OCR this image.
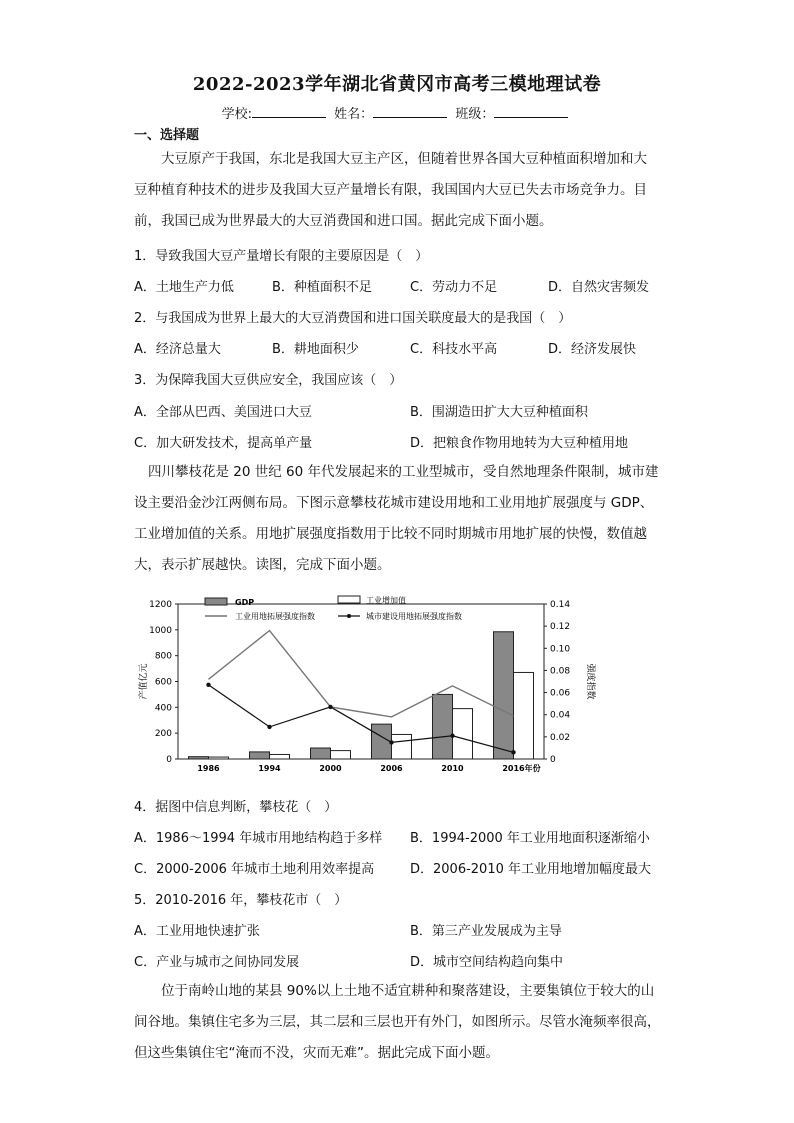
2022-2023学年湖北省黄冈市高考三模地理试卷
学校:	姓名：	班级：
一、选择题
大豆原产于我国，东北是我国大豆主产区，但随着世界各国大豆种植面积增加和大
豆种植育种技术的进步及我国大豆产量增长有限，我国国内大豆已失去市场竞争力。目
前，我国已成为世界最大的大豆消费国和进口国。据此完成下面小题。
1．导致我国大豆产量增长有限的主要原因是（　）
A．土地生产力低	B．种植面积不足	C．劳动力不足	D．自然灾害频发
2．与我国成为世界上最大的大豆消费国和进口国关联度最大的是我国（　）
A．经济总量大	B．耕地面积少	C．科技水平高	D．经济发展快
3．为保障我国大豆供应安全，我国应该（　）
A．全部从巴西、美国进口大豆	B．围湖造田扩大大豆种植面积
C．加大研发技术，提高单产量	D．把粮食作物用地转为大豆种植用地
四川攀枝花是 20 世纪 60 年代发展起来的工业型城市，受自然地理条件限制，城市建
设主要沿金沙江两侧布局。下图示意攀枝花城市建设用地和工业用地扩展强度与 GDP、
工业增加值的关系。用地扩展强度指数用于比较不同时期城市用地扩展的快慢，数值越
大，表示扩展越快。读图，完成下面小题。
0
200
400
600
800
1000
1200
0
0.02
0.04
0.06
0.08
0.10
0.12
0.14
产值亿元	强度指数
1986	1994	2000	2006	2010	2016年份
GDP	工业增加值
工业用地拓展强度指数	城市建设用地拓展强度指数
4．据图中信息判断，攀枝花（　）
A．1986～1994 年城市用地结构趋于多样 B．1994-2000 年工业用地面积逐渐缩小
C．2000-2006 年城市土地利用效率提高	D．2006-2010 年工业用地增加幅度最大
5．2010-2016 年，攀枝花市（　）
A．工业用地快速扩张	B．第三产业发展成为主导
C．产业与城市之间协同发展	D．城市空间结构趋向集中
位于南岭山地的某县 90%以上土地不适宜耕种和聚落建设，主要集镇位于较大的山
间谷地。集镇住宅多为三层，其二层和三层也开有外门，如图所示。尽管水淹频率很高，
但这些集镇住宅“淹而不没，灾而无难”。据此完成下面小题。
